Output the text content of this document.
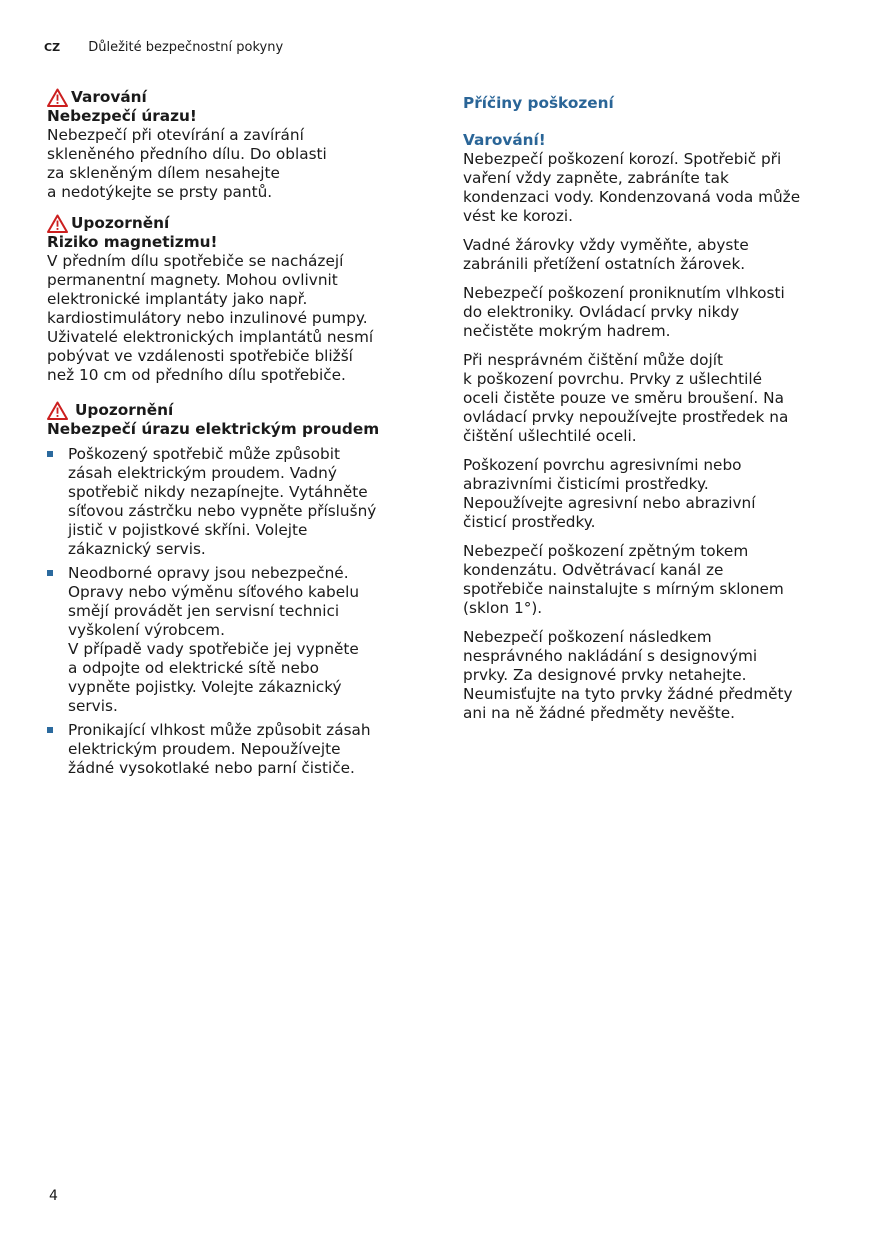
CZ Důležité bezpečnostní pokyny
Varování
Nebezpečí úrazu!
Nebezpečí při otevírání a zavírání
skleněného předního dílu. Do oblasti
za skleněným dílem nesahejte
a nedotýkejte se prsty pantů.
Upozornění
Riziko magnetizmu!
V předním dílu spotřebiče se nacházejí
permanentní magnety. Mohou ovlivnit
elektronické implantáty jako např.
kardiostimulátory nebo inzulinové pumpy.
Uživatelé elektronických implantátů nesmí
pobývat ve vzdálenosti spotřebiče bližší
než 10 cm od předního dílu spotřebiče.
Upozornění
Nebezpečí úrazu elektrickým proudem
Poškozený spotřebič může způsobit
zásah elektrickým proudem. Vadný
spotřebič nikdy nezapínejte. Vytáhněte
síťovou zástrčku nebo vypněte příslušný
jistič v pojistkové skříni. Volejte
zákaznický servis.
Neodborné opravy jsou nebezpečné.
Opravy nebo výměnu síťového kabelu
smějí provádět jen servisní technici
vyškolení výrobcem.
V případě vady spotřebiče jej vypněte
a odpojte od elektrické sítě nebo
vypněte pojistky. Volejte zákaznický
servis.
Pronikající vlhkost může způsobit zásah
elektrickým proudem. Nepoužívejte
žádné vysokotlaké nebo parní čističe.
Příčiny poškození
Varování!
Nebezpečí poškození korozí. Spotřebič při
vaření vždy zapněte, zabráníte tak
kondenzaci vody. Kondenzovaná voda může
vést ke korozi.
Vadné žárovky vždy vyměňte, abyste
zabránili přetížení ostatních žárovek.
Nebezpečí poškození proniknutím vlhkosti
do elektroniky. Ovládací prvky nikdy
nečistěte mokrým hadrem.
Při nesprávném čištění může dojít
k poškození povrchu. Prvky z ušlechtilé
oceli čistěte pouze ve směru broušení. Na
ovládací prvky nepoužívejte prostředek na
čištění ušlechtilé oceli.
Poškození povrchu agresivními nebo
abrazivními čisticími prostředky.
Nepoužívejte agresivní nebo abrazivní
čisticí prostředky.
Nebezpečí poškození zpětným tokem
kondenzátu. Odvětrávací kanál ze
spotřebiče nainstalujte s mírným sklonem
(sklon 1°).
Nebezpečí poškození následkem
nesprávného nakládání s designovými
prvky. Za designové prvky netahejte.
Neumisťujte na tyto prvky žádné předměty
ani na ně žádné předměty nevěšte.
4
